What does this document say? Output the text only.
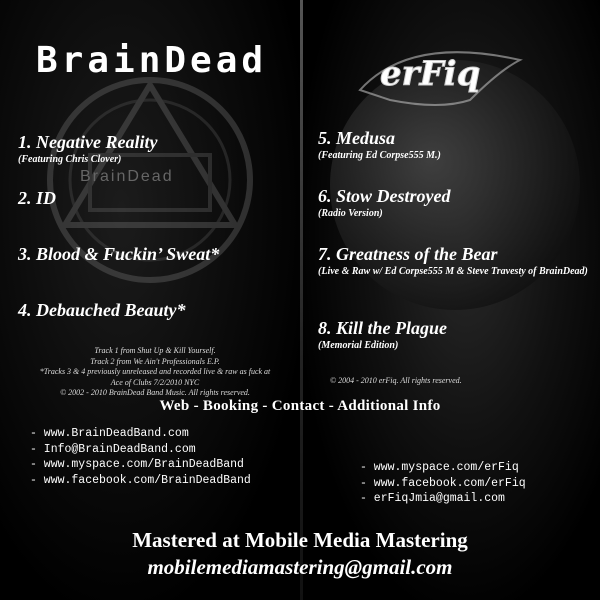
BrainDead
BrainDead	erFiq
1. Negative Reality
(Featuring Chris Clover)
2. ID
3. Blood & Fuckin’ Sweat*
4. Debauched Beauty*
Track 1 from Shut Up & Kill Yourself.
Track 2 from We Ain't Professionals E.P.
*Tracks 3 & 4 previously unreleased and recorded live & raw as fuck at
Ace of Clubs 7/2/2010 NYC
© 2002 - 2010 BrainDead Band Music. All rights reserved.
5. Medusa
(Featuring Ed Corpse555 M.)
6. Stow Destroyed
(Radio Version)
7. Greatness of the Bear
(Live & Raw w/ Ed Corpse555 M & Steve Travesty of BrainDead)
8. Kill the Plague
(Memorial Edition)
© 2004 - 2010 erFiq. All rights reserved.
Web - Booking - Contact - Additional Info
- www.BrainDeadBand.com
- Info@BrainDeadBand.com
- www.myspace.com/BrainDeadBand
- www.facebook.com/BrainDeadBand
- www.myspace.com/erFiq
- www.facebook.com/erFiq
- erFiqJmia@gmail.com
Mastered at Mobile Media Mastering
mobilemediamastering@gmail.com
